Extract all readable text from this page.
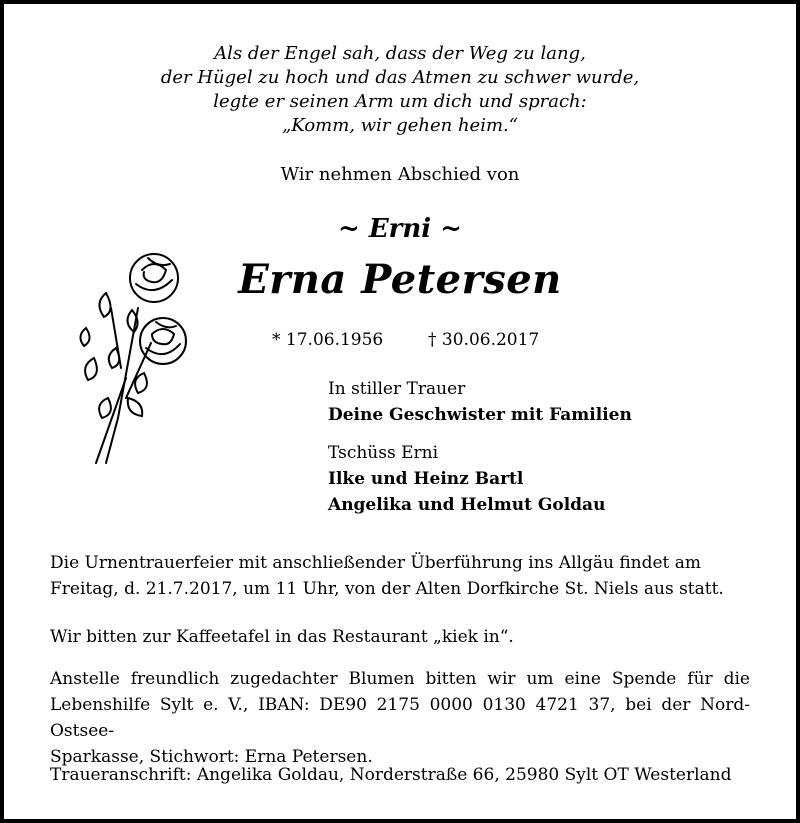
Als der Engel sah, dass der Weg zu lang,
der Hügel zu hoch und das Atmen zu schwer wurde,
legte er seinen Arm um dich und sprach:
„Komm, wir gehen heim.“
Wir nehmen Abschied von
~ Erni ~
Erna Petersen
* 17.06.1956	† 30.06.2017
In stiller Trauer
Deine Geschwister mit Familien
Tschüss Erni
Ilke und Heinz Bartl
Angelika und Helmut Goldau
Die Urnentrauerfeier mit anschließender Überführung ins Allgäu findet am
Freitag, d. 21.7.2017, um 11 Uhr, von der Alten Dorfkirche St. Niels aus statt.
Wir bitten zur Kaffeetafel in das Restaurant „kiek in“.
Anstelle freundlich zugedachter Blumen bitten wir um eine Spende für die
Lebenshilfe Sylt e. V., IBAN: DE90 2175 0000 0130 4721 37, bei der Nord-Ostsee-
Sparkasse, Stichwort: Erna Petersen.
Traueranschrift: Angelika Goldau, Norderstraße 66, 25980 Sylt OT Westerland
